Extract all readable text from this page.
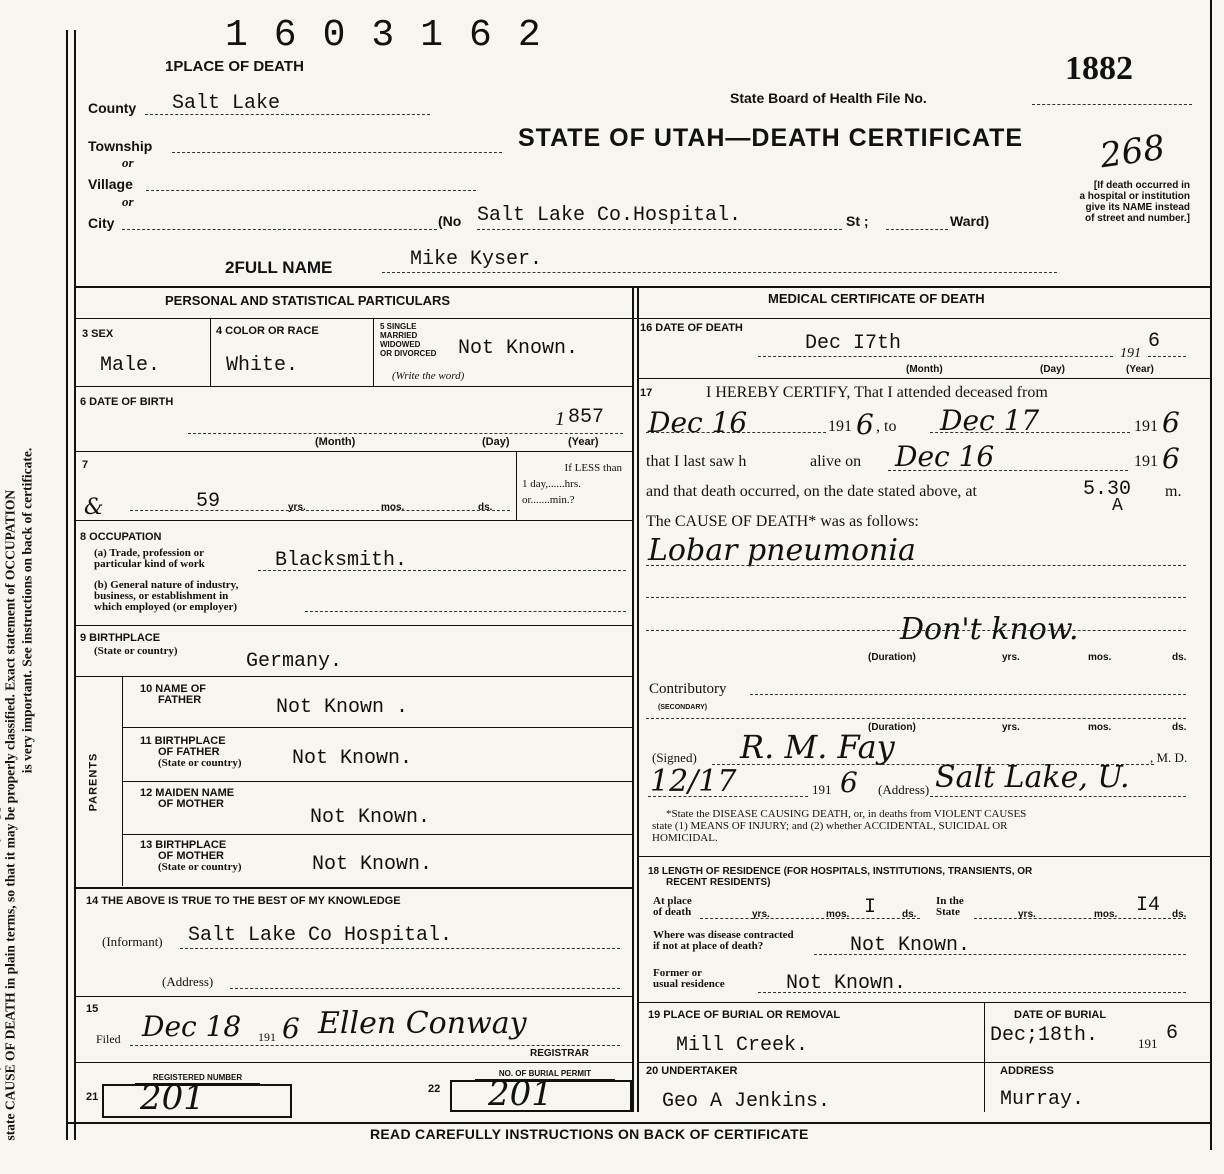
state CAUSE OF DEATH in plain terms, so that it may be properly classified. Exact statement of OCCUPATION is very important. See instructions on back of certificate.
1603162
1PLACE OF DEATH	1882
State Board of Health File No.
STATE OF UTAH—DEATH CERTIFICATE 268
[If death occurred in
a hospital or institution
give its NAME instead
of street and number.]
County Salt Lake
Township
or
Village
or
City	(No Salt Lake Co.Hospital.	St ;	Ward)
2FULL NAME	Mike Kyser.
PERSONAL AND STATISTICAL PARTICULARS	MEDICAL CERTIFICATE OF DEATH
3 SEX
Male.
4 COLOR OR RACE
White.
5 SINGLE
MARRIED
WIDOWED
OR DIVORCED
(Write the word)
Not Known.
6 DATE OF BIRTH
1 857
(Month)	(Day)	(Year)
7
&	59	yrs.	mos.	ds.
If LESS than
1 day,......hrs.
or.......min.?
8 OCCUPATION
(a) Trade, profession or
particular kind of work	Blacksmith.
(b) General nature of industry,
business, or establishment in
which employed (or employer)
9 BIRTHPLACE
(State or country)	Germany.
PARENTS
10 NAME OF
FATHER	Not Known .
11 BIRTHPLACE
OF FATHER
(State or country)	Not Known.
12 MAIDEN NAME
OF MOTHER
Not Known.
13 BIRTHPLACE
OF MOTHER
(State or country)	Not Known.
14 THE ABOVE IS TRUE TO THE BEST OF MY KNOWLEDGE
(Informant) Salt Lake Co Hospital.
(Address)
15
Filed Dec 18 191 6 Ellen Conway
REGISTRAR
REGISTERED NUMBER
21 201
NO. OF BURIAL PERMIT
22 201
16 DATE OF DEATH
Dec I7th	191
6
(Month)	(Day)	(Year)
17	I HEREBY CERTIFY, That I attended deceased from
Dec 16	191 6 , to Dec 17	191 6
that I last saw h	alive on Dec 16	191 6
and that death occurred, on the date stated above, at	5.30 m.
A
The CAUSE OF DEATH* was as follows:
Lobar pneumonia
Don't know.
(Duration)	yrs.	mos.	ds.
Contributory
(SECONDARY)
(Duration)	yrs.	mos.	ds.
(Signed) R. M. Fay	, M. D.
12/17	191 6 (Address) Salt Lake, U.
*State the DISEASE CAUSING DEATH, or, in deaths from VIOLENT CAUSES
state (1) MEANS OF INJURY; and (2) whether ACCIDENTAL, SUICIDAL OR
HOMICIDAL.
18 LENGTH OF RESIDENCE (FOR HOSPITALS, INSTITUTIONS, TRANSIENTS, OR
RECENT RESIDENTS)
At place
of death	yrs.	mos. I	ds.
In the
State	yrs.	mos. I4 ds.
Where was disease contracted
if not at place of death?	Not Known.
Former or
usual residence	Not Known.
19 PLACE OF BURIAL OR REMOVAL
Mill Creek.
DATE OF BURIAL
Dec;18th.	191 6
20 UNDERTAKER
Geo A Jenkins.
ADDRESS
Murray.
READ CAREFULLY INSTRUCTIONS ON BACK OF CERTIFICATE
